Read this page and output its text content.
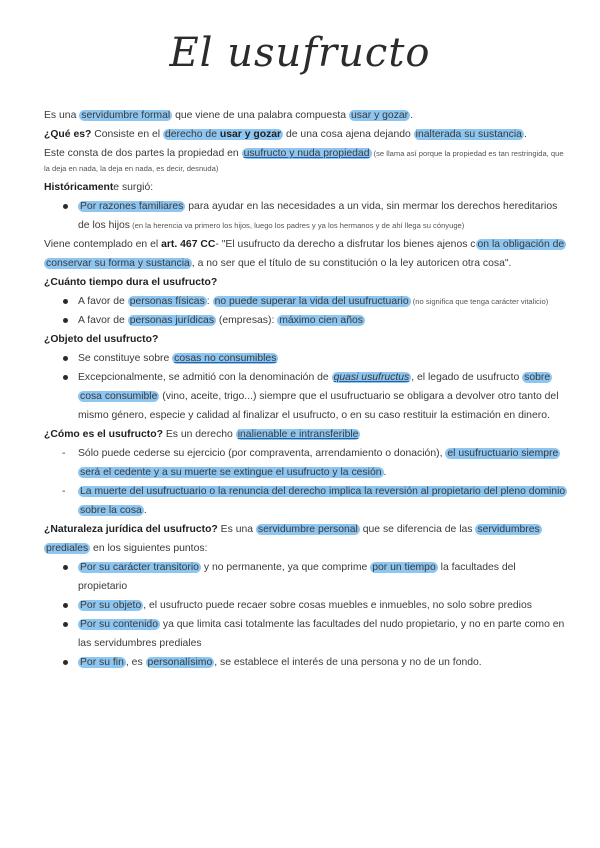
El usufructo

Es una servidumbre formal que viene de una palabra compuesta usar y gozar .

¿Qué es? Consiste en el derecho de usar y gozar de una cosa ajena dejando inalterada su sustancia .

Este consta de dos partes la propiedad en usufructo y nuda propiedad (se llama así porque la propiedad es tan restringida, que la deja en nada, la deja en nada, es decir, desnuda)

Históricamente surgió:

Por razones familiares para ayudar en las necesidades a un vida, sin mermar los derechos hereditarios de los hijos (en la herencia va primero los hijos, luego los padres y ya los hermanos y de ahí llega su cónyuge)

Viene contemplado en el art. 467 CC- "El usufructo da derecho a disfrutar los bienes ajenos c on la obligación de conservar su forma y sustancia , a no ser que el título de su constitución o la ley autoricen otra cosa".

¿Cuánto tiempo dura el usufructo?

A favor de personas físicas : no puede superar la vida del usufructuario (no significa que tenga carácter vitalicio)
A favor de personas jurídicas (empresas): máximo cien años

¿Objeto del usufructo?

Se constituye sobre cosas no consumibles
Excepcionalmente, se admitió con la denominación de quasi usufructus , el legado de usufructo sobre cosa consumible (vino, aceite, trigo...) siempre que el usufructuario se obligara a devolver otro tanto del mismo género, especie y calidad al finalizar el usufructo, o en su caso restituir la estimación en dinero.

¿Cómo es el usufructo? Es un derecho inalienable e intransferible

- Sólo puede cederse su ejercicio (por compraventa, arrendamiento o donación), el usufructuario siempre será el cedente y a su muerte se extingue el usufructo y la cesión .
- La muerte del usufructuario o la renuncia del derecho implica la reversión al propietario del pleno dominio sobre la cosa .

¿Naturaleza jurídica del usufructo? Es una servidumbre personal que se diferencia de las servidumbres prediales en los siguientes puntos:

Por su carácter transitorio y no permanente, ya que comprime por un tiempo la facultades del propietario
Por su objeto , el usufructo puede recaer sobre cosas muebles e inmuebles, no solo sobre predios
Por su contenido ya que limita casi totalmente las facultades del nudo propietario, y no en parte como en las servidumbres prediales
Por su fin , es personalísimo , se establece el interés de una persona y no de un fondo.
